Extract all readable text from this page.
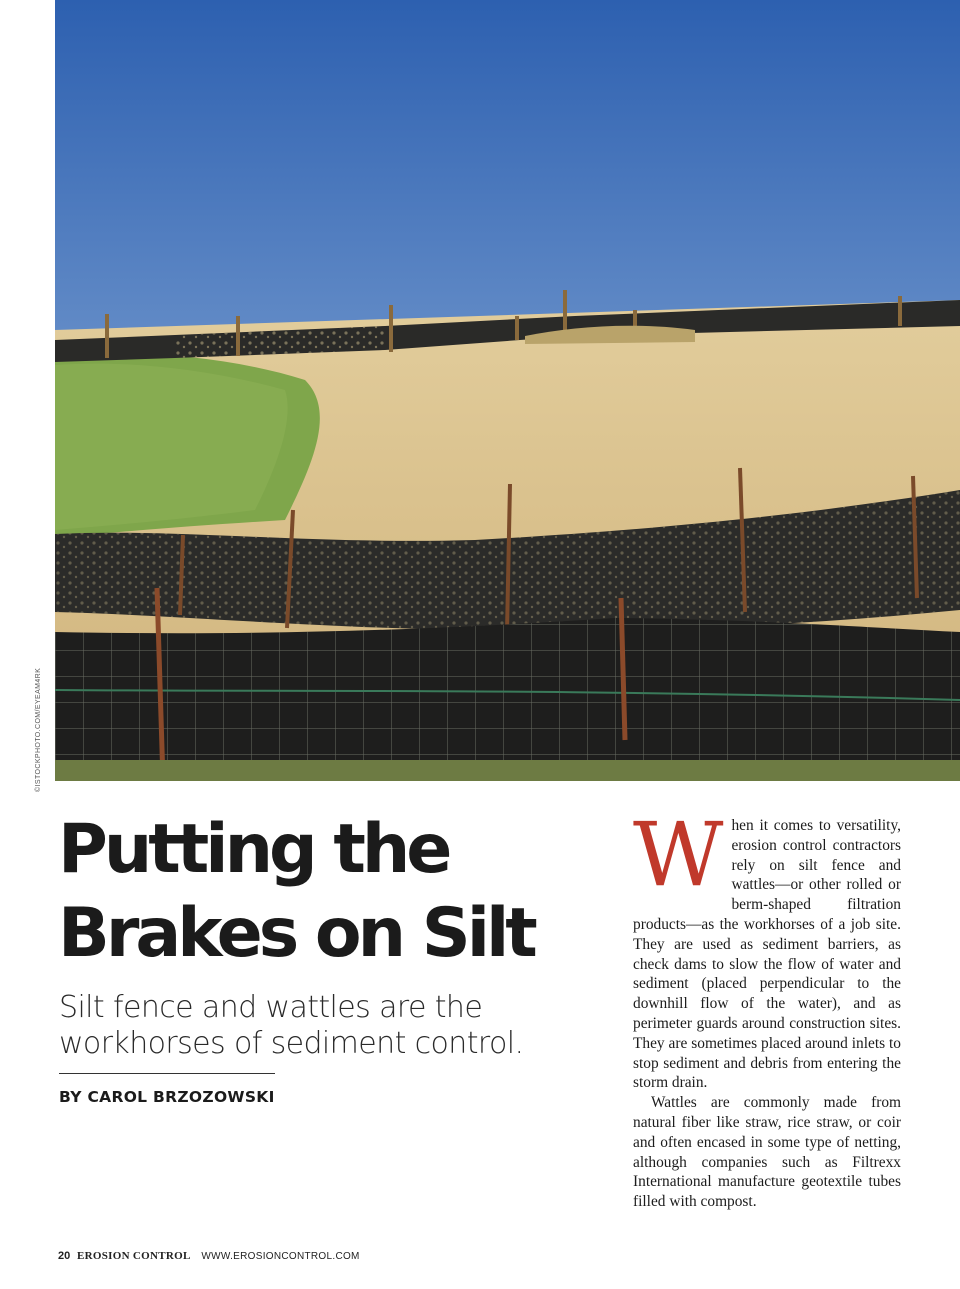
©ISTOCKPHOTO.COM/EYEAM4RK
Putting the
Brakes on Silt

Silt fence and wattles are the workhorses of sediment control.

BY CAROL BRZOZOWSKI

When it comes to versatility, erosion control contractors rely on silt fence and wattles—or other rolled or berm-shaped filtration products—as the workhorses of a job site. They are used as sediment barriers, as check dams to slow the flow of water and sediment (placed perpendicular to the downhill flow of the water), and as perimeter guards around construction sites. They are sometimes placed around inlets to stop sediment and debris from entering the storm drain.

Wattles are commonly made from natural fiber like straw, rice straw, or coir and often encased in some type of netting, although companies such as Filtrexx International manufacture geotextile tubes filled with compost.

20 EROSION CONTROL WWW.EROSIONCONTROL.COM
